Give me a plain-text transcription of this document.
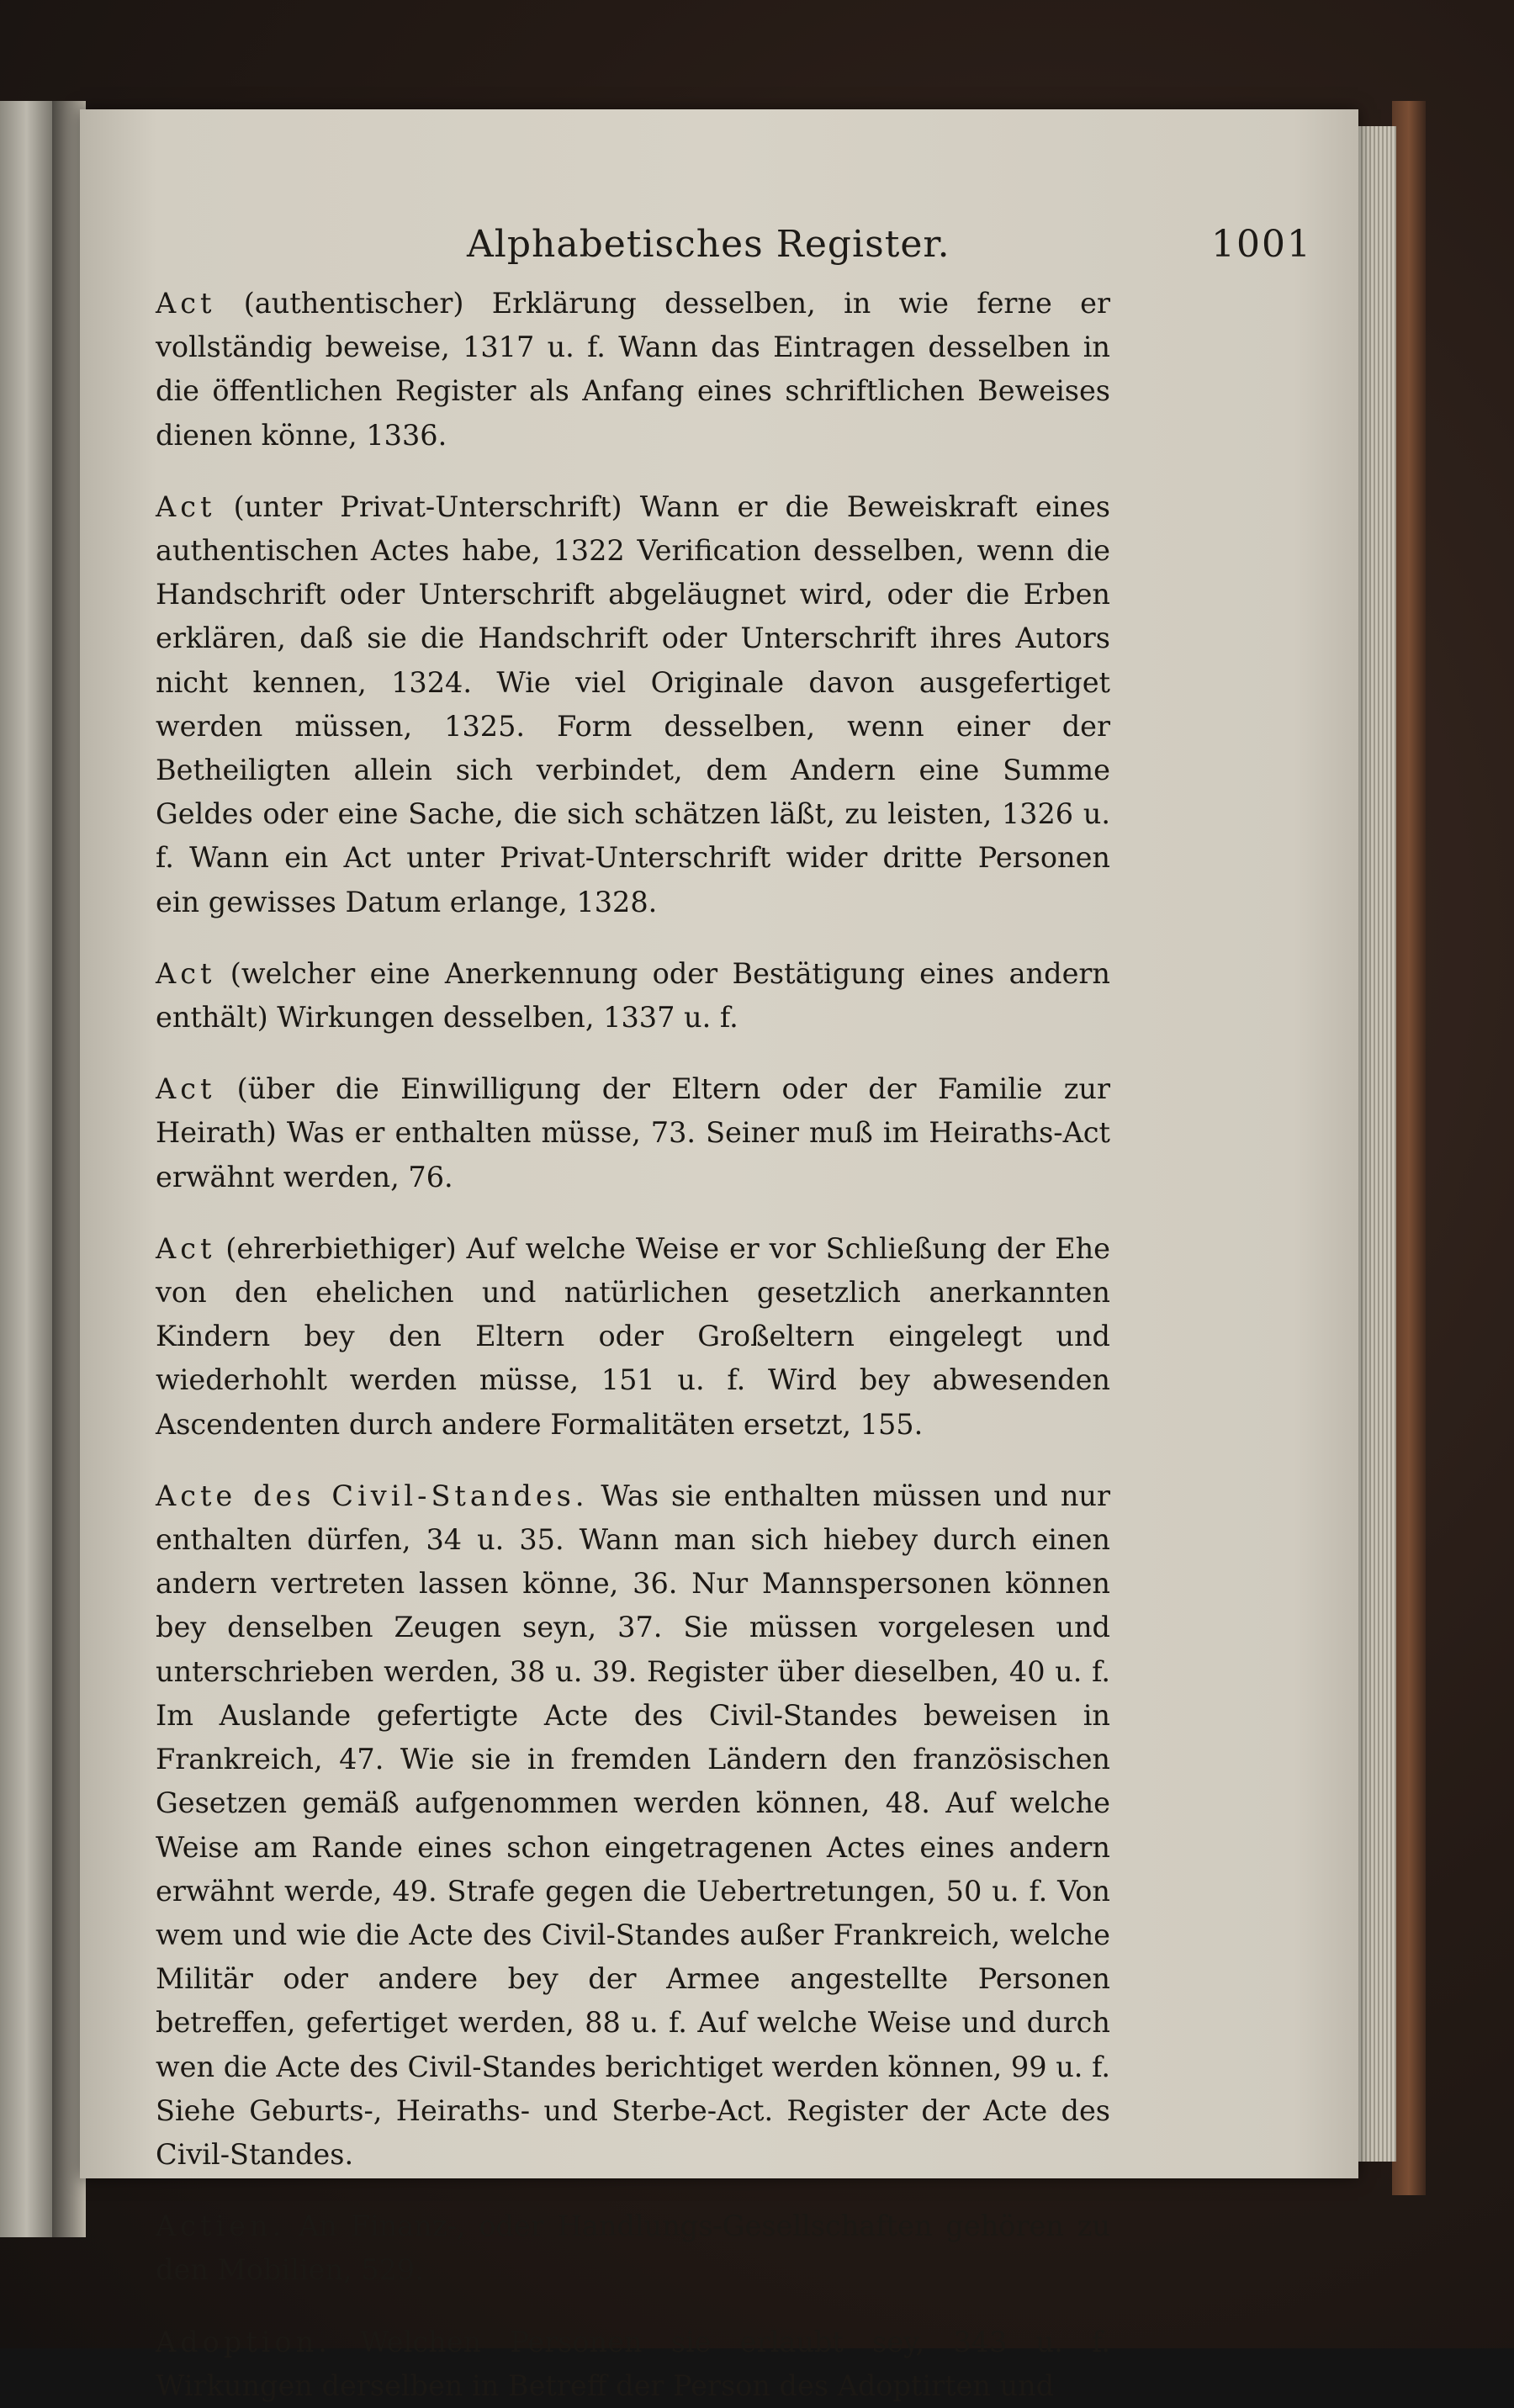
Alphabetisches Register.	1001

Act (authentischer) Erklärung desselben, in wie ferne er vollständig beweise, 1317 u. f. Wann das Eintragen desselben in die öffentlichen Register als Anfang eines schriftlichen Beweises dienen könne, 1336.

Act (unter Privat-Unterschrift) Wann er die Beweiskraft eines authentischen Actes habe, 1322 Verification desselben, wenn die Handschrift oder Unterschrift abgeläugnet wird, oder die Erben erklären, daß sie die Handschrift oder Unterschrift ihres Autors nicht kennen, 1324. Wie viel Originale davon ausgefertiget werden müssen, 1325. Form desselben, wenn einer der Betheiligten allein sich verbindet, dem Andern eine Summe Geldes oder eine Sache, die sich schätzen läßt, zu leisten, 1326 u. f. Wann ein Act unter Privat-Unterschrift wider dritte Personen ein gewisses Datum erlange, 1328.

Act (welcher eine Anerkennung oder Bestätigung eines andern enthält) Wirkungen desselben, 1337 u. f.

Act (über die Einwilligung der Eltern oder der Familie zur Heirath) Was er enthalten müsse, 73. Seiner muß im Heiraths-Act erwähnt werden, 76.

Act (ehrerbiethiger) Auf welche Weise er vor Schließung der Ehe von den ehelichen und natürlichen gesetzlich anerkannten Kindern bey den Eltern oder Großeltern eingelegt und wiederhohlt werden müsse, 151 u. f. Wird bey abwesenden Ascendenten durch andere Formalitäten ersetzt, 155.

Acte des Civil-Standes. Was sie enthalten müssen und nur enthalten dürfen, 34 u. 35. Wann man sich hiebey durch einen andern vertreten lassen könne, 36. Nur Mannspersonen können bey denselben Zeugen seyn, 37. Sie müssen vorgelesen und unterschrieben werden, 38 u. 39. Register über dieselben, 40 u. f. Im Auslande gefertigte Acte des Civil-Standes beweisen in Frankreich, 47. Wie sie in fremden Ländern den französischen Gesetzen gemäß aufgenommen werden können, 48. Auf welche Weise am Rande eines schon eingetragenen Actes eines andern erwähnt werde, 49. Strafe gegen die Uebertretungen, 50 u. f. Von wem und wie die Acte des Civil-Standes außer Frankreich, welche Militär oder andere bey der Armee angestellte Personen betreffen, gefertiget werden, 88 u. f. Auf welche Weise und durch wen die Acte des Civil-Standes berichtiget werden können, 99 u. f. Siehe Geburts-, Heiraths- und Sterbe-Act. Register der Acte des Civil-Standes.

Actien. An Finanz-, oder Handlungs-Gesellschaften gehören zu den Mobilien, 529.

Adoption. Welchen Personen sie erlaubt sey, 343 u. f. Wirkungen derselben in Betreff der Person des Adoptirten und
